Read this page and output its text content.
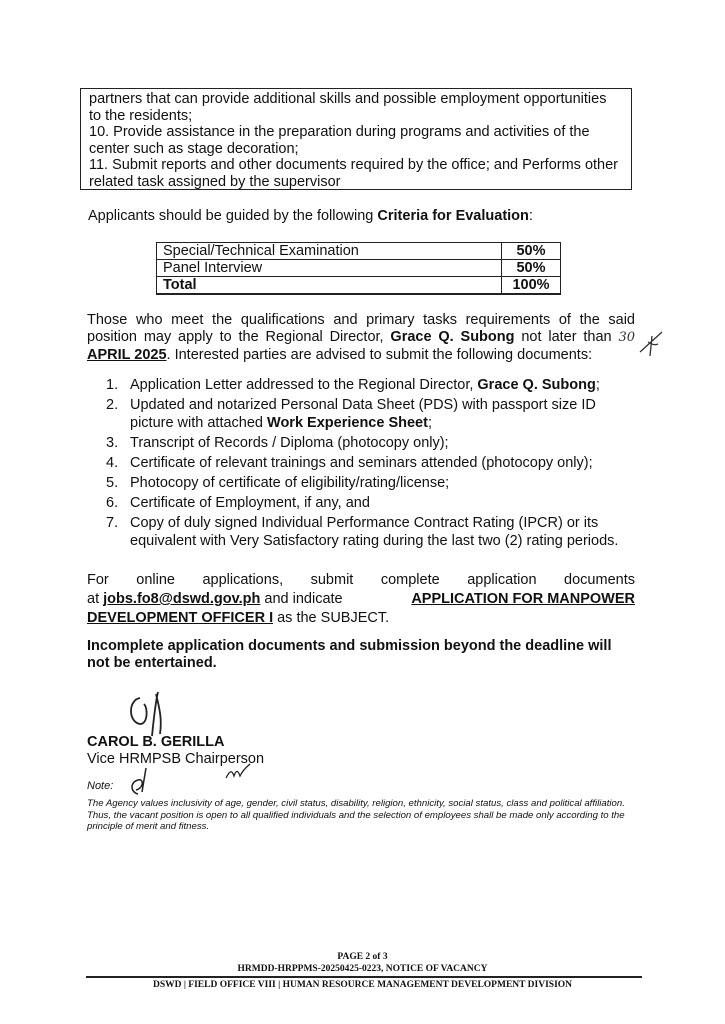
partners that can provide additional skills and possible employment opportunities

to the residents;

10. Provide assistance in the preparation during programs and activities of the

center such as stage decoration;

11. Submit reports and other documents required by the office; and Performs other

related task assigned by the supervisor

Applicants should be guided by the following Criteria for Evaluation:
Special/Technical Examination	50%
Panel Interview	50%
Total	100%
Those who meet the qualifications and primary tasks requirements of the said
position may apply to the Regional Director, Grace Q. Subong not later than 30
APRIL 2025. Interested parties are advised to submit the following documents:
1. Application Letter addressed to the Regional Director, Grace Q. Subong;
2. Updated and notarized Personal Data Sheet (PDS) with passport size ID picture with attached Work Experience Sheet;
3. Transcript of Records / Diploma (photocopy only);
4. Certificate of relevant trainings and seminars attended (photocopy only);
5. Photocopy of certificate of eligibility/rating/license;
6. Certificate of Employment, if any, and
7. Copy of duly signed Individual Performance Contract Rating (IPCR) or its equivalent with Very Satisfactory rating during the last two (2) rating periods.
For online applications, submit complete application documents
at jobs.fo8@dswd.gov.ph and indicate	APPLICATION FOR MANPOWER
DEVELOPMENT OFFICER I as the SUBJECT.
Incomplete application documents and submission beyond the deadline will not be entertained.
CAROL B. GERILLA
Vice HRMPSB Chairperson
Note:
The Agency values inclusivity of age, gender, civil status, disability, religion, ethnicity, social status, class and political affiliation. Thus, the vacant position is open to all qualified individuals and the selection of employees shall be made only according to the principle of merit and fitness.
PAGE 2 of 3
HRMDD-HRPPMS-20250425-0223, NOTICE OF VACANCY
DSWD | FIELD OFFICE VIII | HUMAN RESOURCE MANAGEMENT DEVELOPMENT DIVISION
